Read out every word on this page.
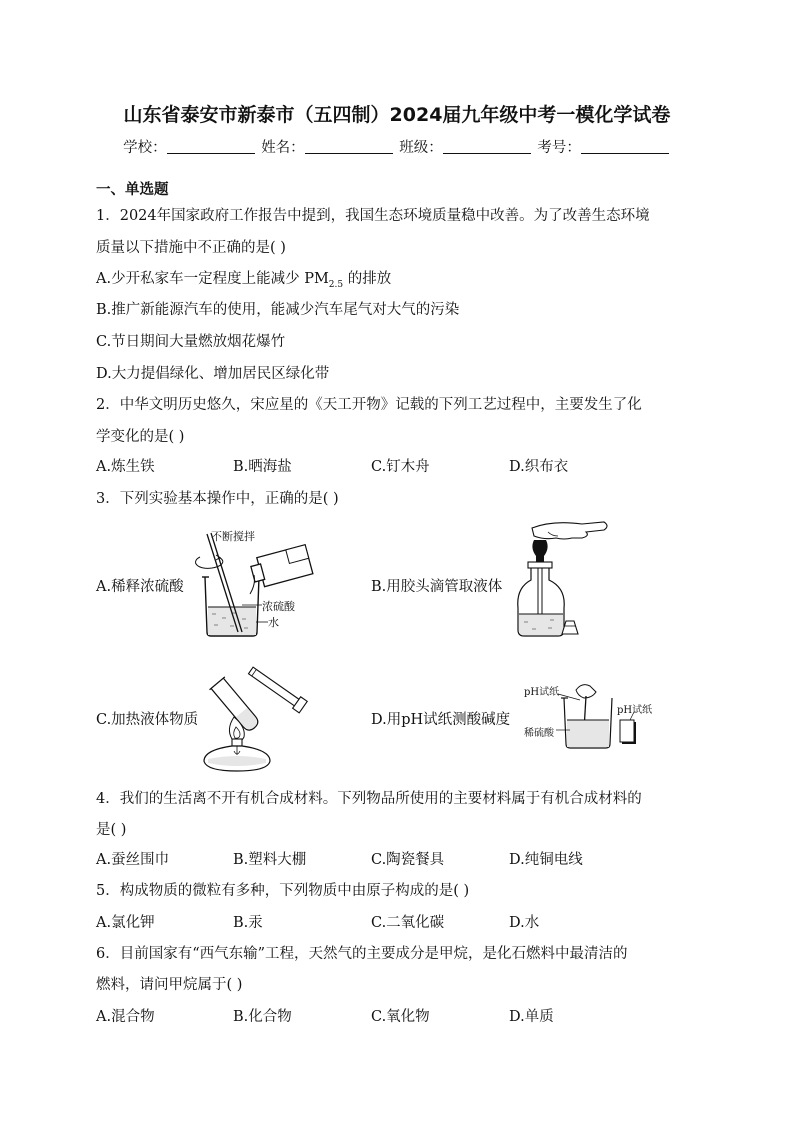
山东省泰安市新泰市（五四制）2024届九年级中考一模化学试卷
学校：	姓名：	班级：	考号：
一、单选题
1．2024年国家政府工作报告中提到，我国生态环境质量稳中改善。为了改善生态环境
质量以下措施中不正确的是( )
A.少开私家车一定程度上能减少 $PM_{2.5}$ 的排放
B.推广新能源汽车的使用，能减少汽车尾气对大气的污染
C.节日期间大量燃放烟花爆竹
D.大力提倡绿化、增加居民区绿化带
2．中华文明历史悠久，宋应星的《天工开物》记载的下列工艺过程中，主要发生了化
学变化的是( )
A.炼生铁	B.晒海盐	C.钉木舟	D.织布衣
3．下列实验基本操作中，正确的是( )
A.稀释浓硫酸
不断搅拌
浓硫酸
水
B.用胶头滴管取液体
C.加热液体物质	D.用pH试纸测酸碱度
pH试纸
稀硫酸
pH试纸
4．我们的生活离不开有机合成材料。下列物品所使用的主要材料属于有机合成材料的
是( )
A.蚕丝围巾	B.塑料大棚	C.陶瓷餐具	D.纯铜电线
5．构成物质的微粒有多种，下列物质中由原子构成的是( )
A.氯化钾	B.汞	C.二氧化碳	D.水
6．目前国家有“西气东输”工程，天然气的主要成分是甲烷，是化石燃料中最清洁的
燃料，请问甲烷属于( )
A.混合物	B.化合物	C.氧化物	D.单质
